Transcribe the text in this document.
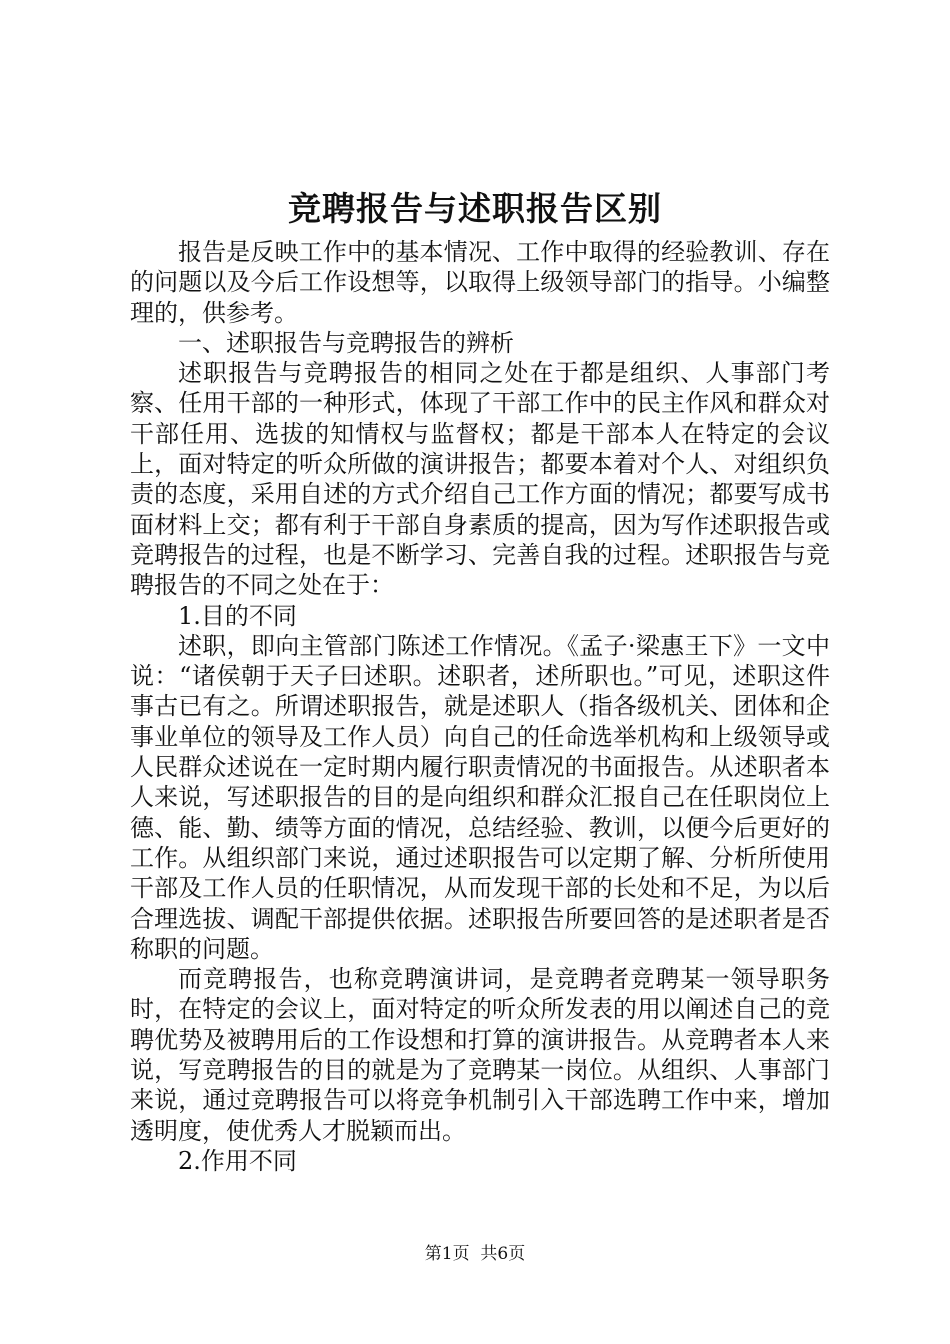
竞聘报告与述职报告区别

报告是反映工作中的基本情况、工作中取得的经验教训、存在的问题以及今后工作设想等，以取得上级领导部门的指导。小编整理的，供参考。

一、述职报告与竞聘报告的辨析

述职报告与竞聘报告的相同之处在于都是组织、人事部门考察、任用干部的一种形式，体现了干部工作中的民主作风和群众对干部任用、选拔的知情权与监督权；都是干部本人在特定的会议上，面对特定的听众所做的演讲报告；都要本着对个人、对组织负责的态度，采用自述的方式介绍自己工作方面的情况；都要写成书面材料上交；都有利于干部自身素质的提高，因为写作述职报告或竞聘报告的过程，也是不断学习、完善自我的过程。述职报告与竞聘报告的不同之处在于：

1.目的不同

述职，即向主管部门陈述工作情况。《孟子·梁惠王下》一文中说：“诸侯朝于天子曰述职。述职者，述所职也。”可见，述职这件事古已有之。所谓述职报告，就是述职人（指各级机关、团体和企事业单位的领导及工作人员）向自己的任命选举机构和上级领导或人民群众述说在一定时期内履行职责情况的书面报告。从述职者本人来说，写述职报告的目的是向组织和群众汇报自己在任职岗位上德、能、勤、绩等方面的情况，总结经验、教训，以便今后更好的工作。从组织部门来说，通过述职报告可以定期了解、分析所使用干部及工作人员的任职情况，从而发现干部的长处和不足，为以后合理选拔、调配干部提供依据。述职报告所要回答的是述职者是否称职的问题。

而竞聘报告，也称竞聘演讲词，是竞聘者竞聘某一领导职务时，在特定的会议上，面对特定的听众所发表的用以阐述自己的竞聘优势及被聘用后的工作设想和打算的演讲报告。从竞聘者本人来说，写竞聘报告的目的就是为了竞聘某一岗位。从组织、人事部门来说，通过竞聘报告可以将竞争机制引入干部选聘工作中来，增加透明度，使优秀人才脱颖而出。

2.作用不同

第1页 共6页
